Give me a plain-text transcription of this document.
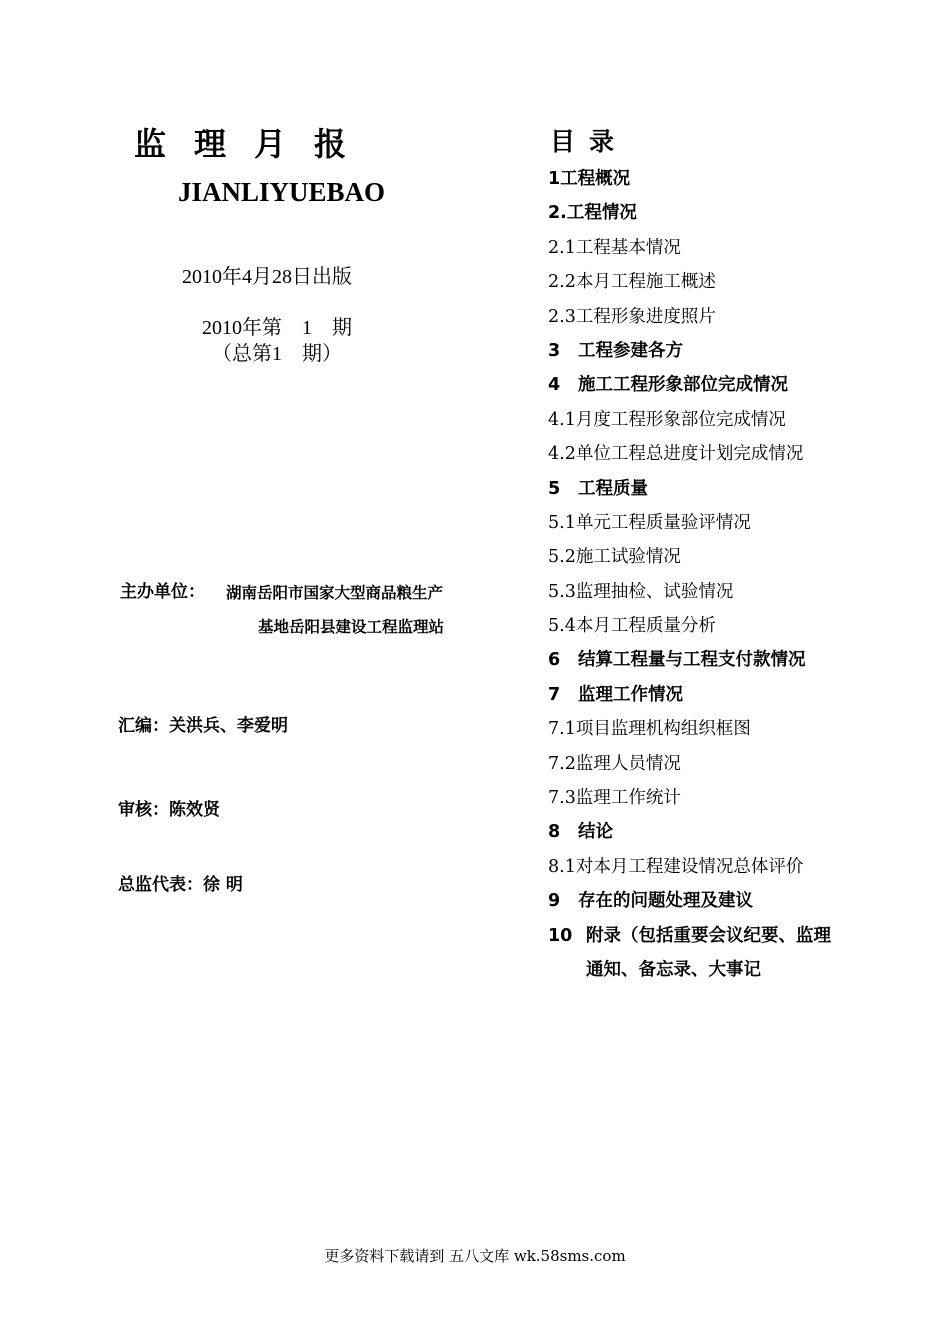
监理月报
JIANLIYUEBAO
2010年4月28日出版
2010年第　1　期
（总第1　期）
主办单位： 湖南岳阳市国家大型商品粮生产
基地岳阳县建设工程监理站
汇编：关洪兵、李爱明
审核：陈效贤
总监代表：徐 明
目录
1工程概况
2.工程情况
2.1工程基本情况
2.2本月工程施工概述
2.3工程形象进度照片
3 工程参建各方
4 施工工程形象部位完成情况
4.1月度工程形象部位完成情况
4.2单位工程总进度计划完成情况
5 工程质量
5.1单元工程质量验评情况
5.2施工试验情况
5.3监理抽检、试验情况
5.4本月工程质量分析
6 结算工程量与工程支付款情况
7 监理工作情况
7.1项目监理机构组织框图
7.2监理人员情况
7.3监理工作统计
8 结论
8.1对本月工程建设情况总体评价
9 存在的问题处理及建议
10 附录（包括重要会议纪要、监理
通知、备忘录、大事记
更多资料下载请到 五八文库 wk.58sms.com
